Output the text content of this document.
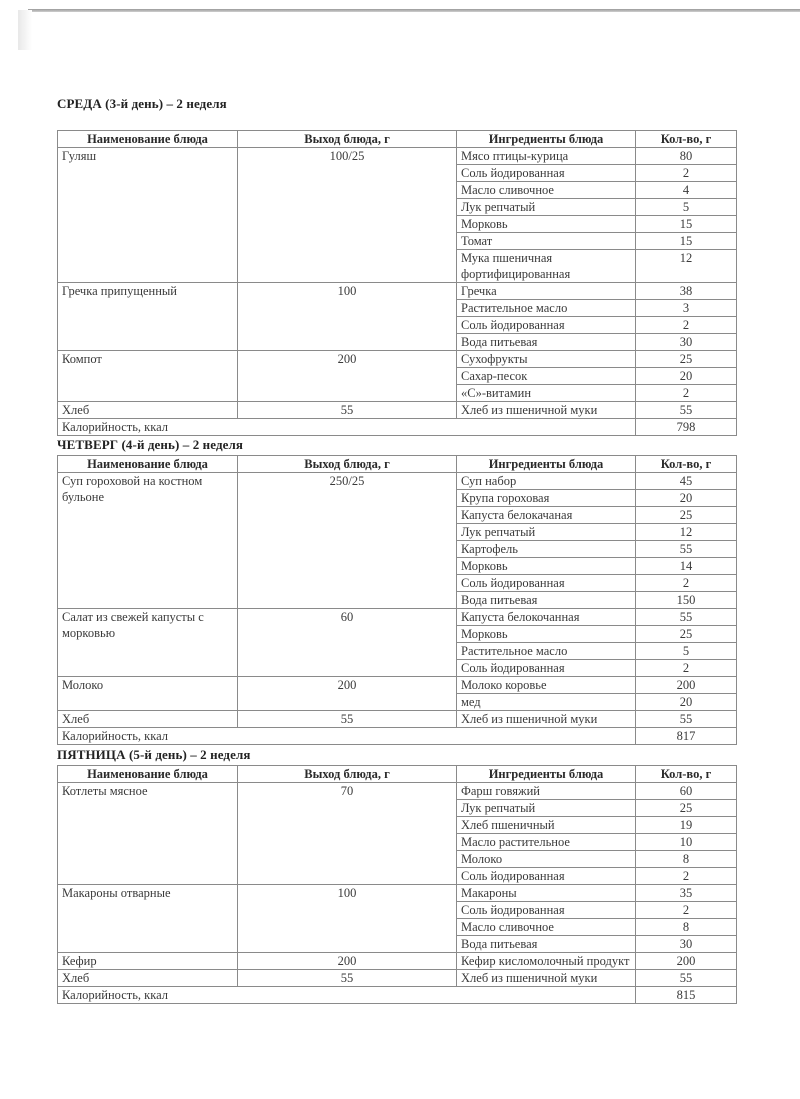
СРЕДА (3-й день) – 2 неделя
Наименование блюда	Выход блюда, г	Ингредиенты блюда	Кол-во, г
Гуляш	100/25	Мясо птицы-курица	80
		Соль йодированная	2
		Масло сливочное	4
		Лук репчатый	5
		Морковь	15
		Томат	15
		Мука пшеничная фортифицированная	12
Гречка припущенный	100	Гречка	38
		Растительное масло	3
		Соль йодированная	2
		Вода питьевая	30
Компот	200	Сухофрукты	25
		Сахар-песок	20
		«С»-витамин	2
Хлеб	55	Хлеб из пшеничной муки	55
Калорийность, ккал			798
ЧЕТВЕРГ (4-й день) – 2 неделя
Наименование блюда	Выход блюда, г	Ингредиенты блюда	Кол-во, г
Суп гороховой на костном бульоне	250/25	Суп набор	45
		Крупа гороховая	20
		Капуста белокачаная	25
		Лук репчатый	12
		Картофель	55
		Морковь	14
		Соль йодированная	2
		Вода питьевая	150
Салат из свежей капусты с морковью	60	Капуста белокочанная	55
		Морковь	25
		Растительное масло	5
		Соль йодированная	2
Молоко	200	Молоко коровье	200
		мед	20
Хлеб	55	Хлеб из пшеничной муки	55
Калорийность, ккал			817
ПЯТНИЦА (5-й день) – 2 неделя
Наименование блюда	Выход блюда, г	Ингредиенты блюда	Кол-во, г
Котлеты мясное	70	Фарш говяжий	60
		Лук репчатый	25
		Хлеб пшеничный	19
		Масло растительное	10
		Молоко	8
		Соль йодированная	2
Макароны отварные	100	Макароны	35
		Соль йодированная	2
		Масло сливочное	8
		Вода питьевая	30
Кефир	200	Кефир кисломолочный продукт	200
Хлеб	55	Хлеб из пшеничной муки	55
Калорийность, ккал			815
